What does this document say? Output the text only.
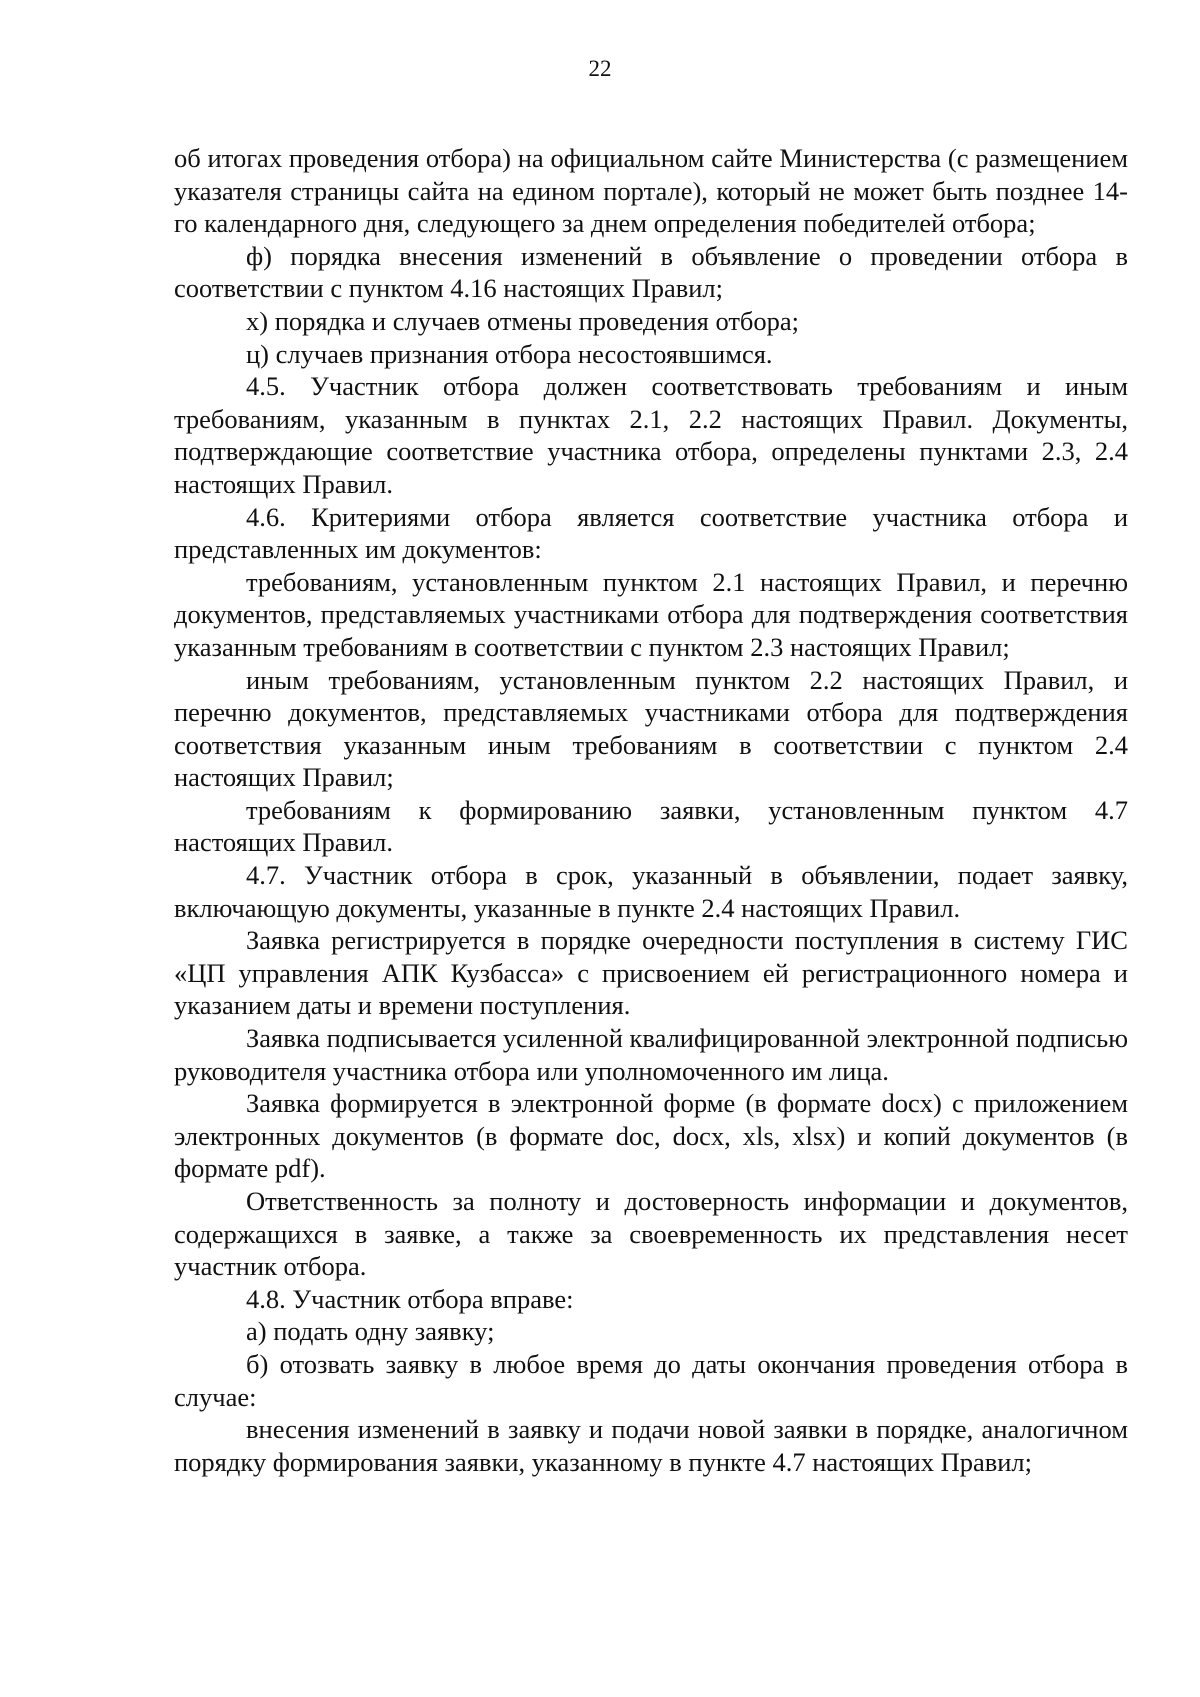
22

об итогах проведения отбора) на официальном сайте Министерства (с размещением указателя страницы сайта на едином портале), который не может быть позднее 14-го календарного дня, следующего за днем определения победителей отбора;

ф) порядка внесения изменений в объявление о проведении отбора в соответствии с пунктом 4.16 настоящих Правил;

х) порядка и случаев отмены проведения отбора;

ц) случаев признания отбора несостоявшимся.

4.5. Участник отбора должен соответствовать требованиям и иным требованиям, указанным в пунктах 2.1, 2.2 настоящих Правил. Документы, подтверждающие соответствие участника отбора, определены пунктами 2.3, 2.4 настоящих Правил.

4.6. Критериями отбора является соответствие участника отбора и представленных им документов:

требованиям, установленным пунктом 2.1 настоящих Правил, и перечню документов, представляемых участниками отбора для подтверждения соответствия указанным требованиям в соответствии с пунктом 2.3 настоящих Правил;

иным требованиям, установленным пунктом 2.2 настоящих Правил, и перечню документов, представляемых участниками отбора для подтверждения соответствия указанным иным требованиям в соответствии с пунктом 2.4 настоящих Правил;

требованиям к формированию заявки, установленным пунктом 4.7 настоящих Правил.

4.7. Участник отбора в срок, указанный в объявлении, подает заявку, включающую документы, указанные в пункте 2.4 настоящих Правил.

Заявка регистрируется в порядке очередности поступления в систему ГИС «ЦП управления АПК Кузбасса» с присвоением ей регистрационного номера и указанием даты и времени поступления.

Заявка подписывается усиленной квалифицированной электронной подписью руководителя участника отбора или уполномоченного им лица.

Заявка формируется в электронной форме (в формате docx) с приложением электронных документов (в формате doc, docx, xls, xlsx) и копий документов (в формате pdf).

Ответственность за полноту и достоверность информации и документов, содержащихся в заявке, а также за своевременность их представления несет участник отбора.

4.8. Участник отбора вправе:

а) подать одну заявку;

б) отозвать заявку в любое время до даты окончания проведения отбора в случае:

внесения изменений в заявку и подачи новой заявки в порядке, аналогичном порядку формирования заявки, указанному в пункте 4.7 настоящих Правил;
